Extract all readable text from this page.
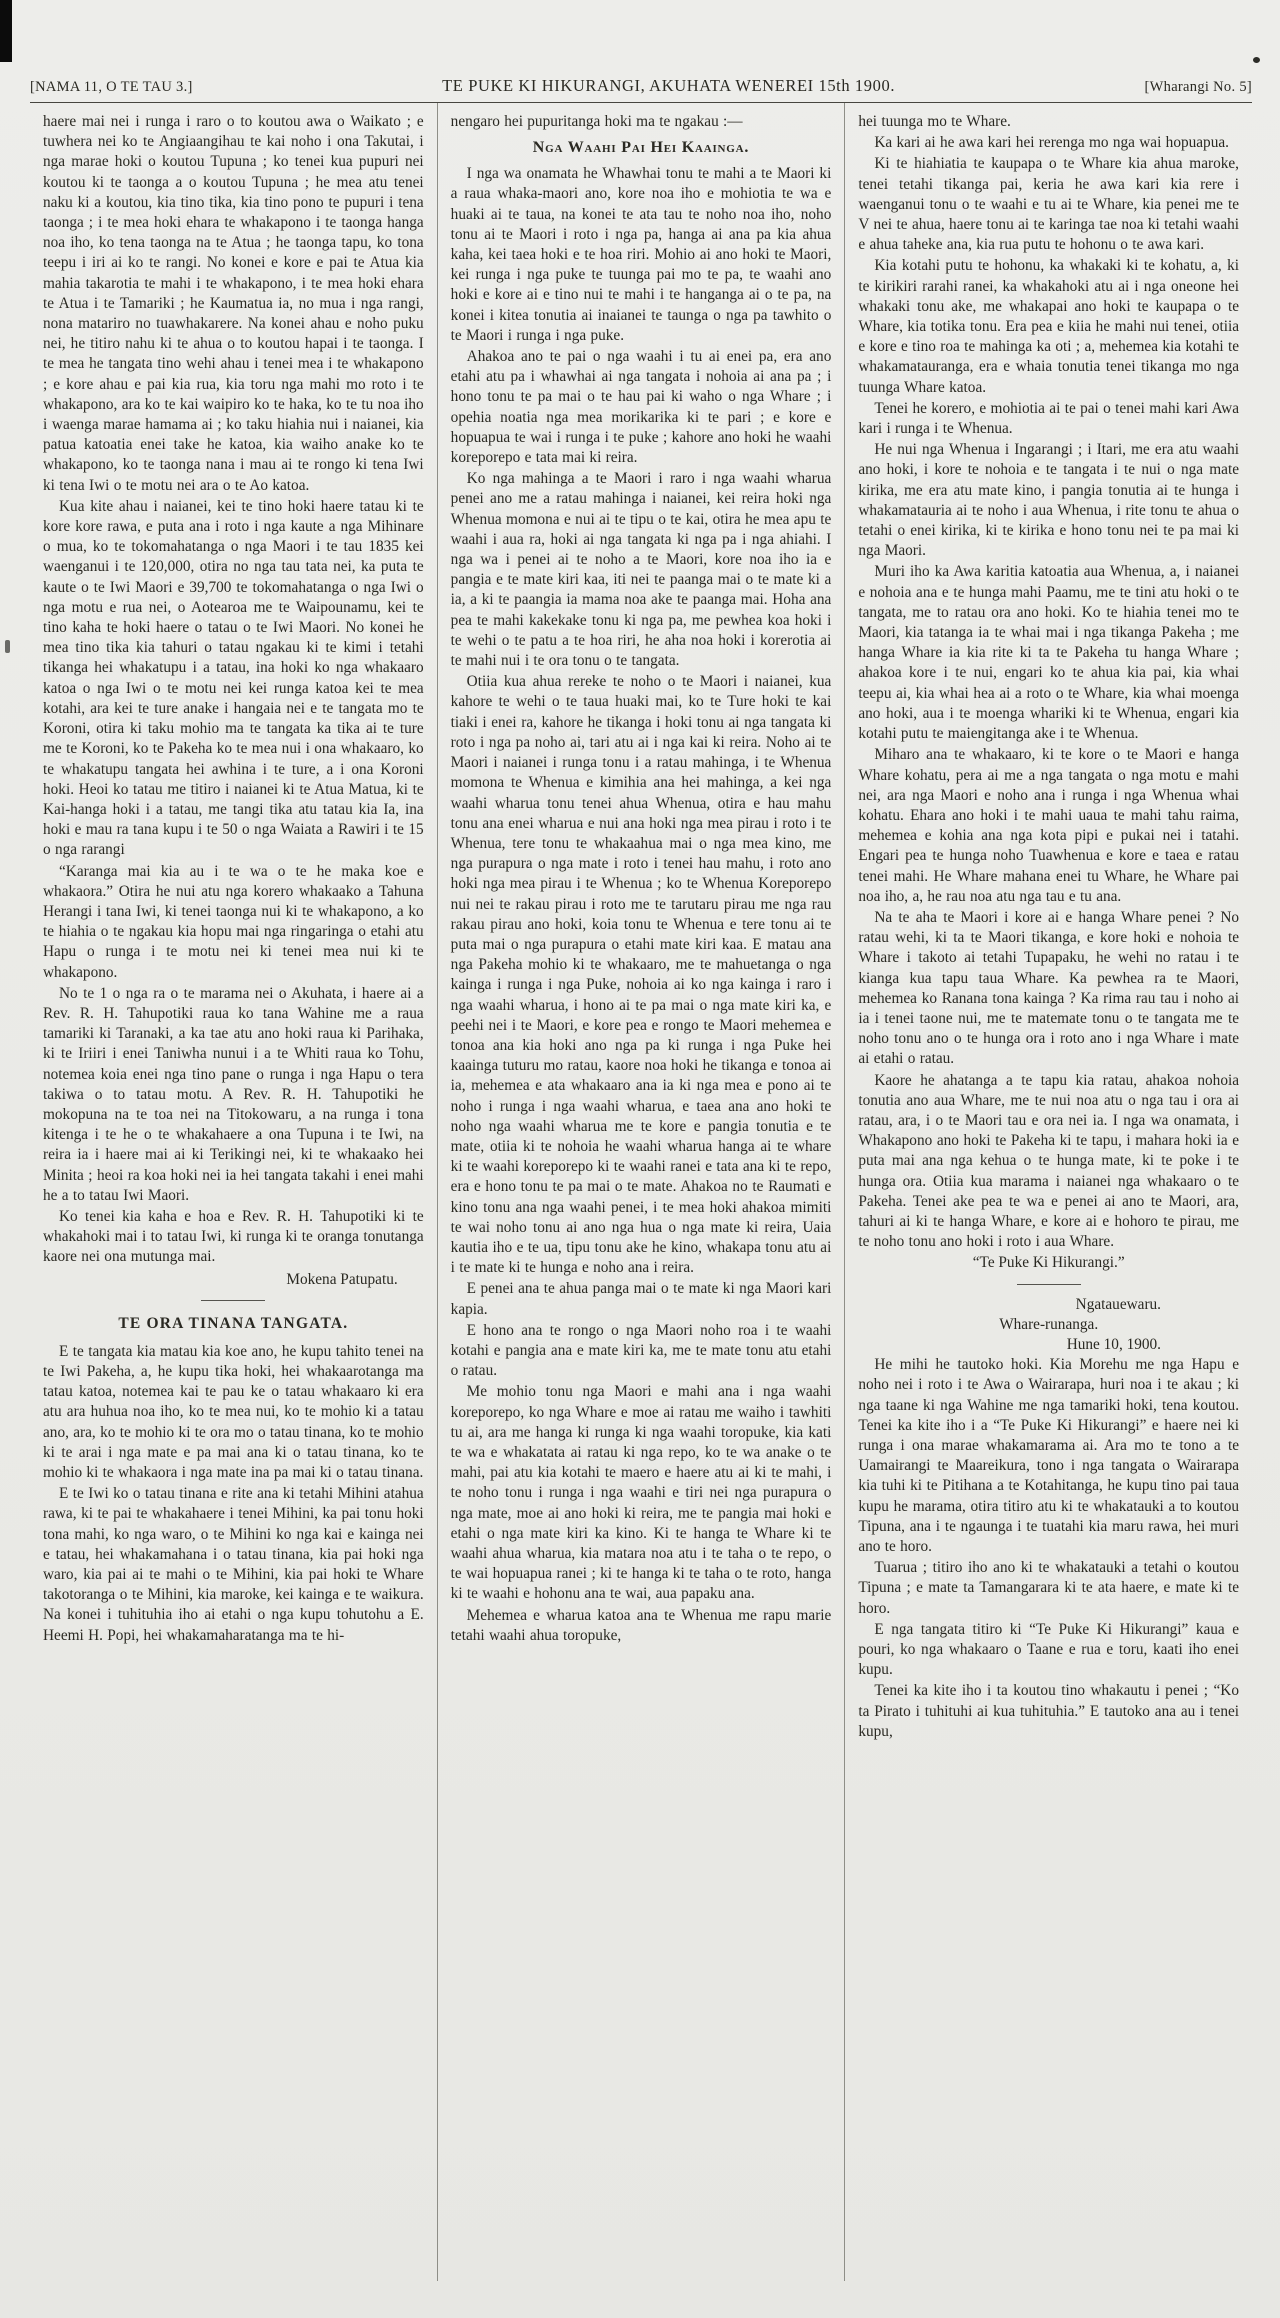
[NAMA 11, O TE TAU 3.]	TE PUKE KI HIKURANGI, AKUHATA WENEREI 15th 1900.	[Wharangi No. 5]

haere mai nei i runga i raro o to koutou awa o Waikato ; e tuwhera nei ko te Angiaangihau te kai noho i ona Takutai, i nga marae hoki o koutou Tupuna ; ko tenei kua pupuri nei koutou ki te taonga a o koutou Tupuna ; he mea atu tenei naku ki a koutou, kia tino tika, kia tino pono te pupuri i tena taonga ; i te mea hoki ehara te whakapono i te taonga hanga noa iho, ko tena taonga na te Atua ; he taonga tapu, ko tona teepu i iri ai ko te rangi. No konei e kore e pai te Atua kia mahia takarotia te mahi i te whakapono, i te mea hoki ehara te Atua i te Tamariki ; he Kaumatua ia, no mua i nga rangi, nona matariro no tuawhakarere. Na konei ahau e noho puku nei, he titiro nahu ki te ahua o to koutou hapai i te taonga. I te mea he tangata tino wehi ahau i tenei mea i te whakapono ; e kore ahau e pai kia rua, kia toru nga mahi mo roto i te whakapono, ara ko te kai waipiro ko te haka, ko te tu noa iho i waenga marae hamama ai ; ko taku hiahia nui i naianei, kia patua katoatia enei take he katoa, kia waiho anake ko te whakapono, ko te taonga nana i mau ai te rongo ki tena Iwi ki tena Iwi o te motu nei ara o te Ao katoa.

Kua kite ahau i naianei, kei te tino hoki haere tatau ki te kore kore rawa, e puta ana i roto i nga kaute a nga Mihinare o mua, ko te tokomahatanga o nga Maori i te tau 1835 kei waenganui i te 120,000, otira no nga tau tata nei, ka puta te kaute o te Iwi Maori e 39,700 te tokomahatanga o nga Iwi o nga motu e rua nei, o Aotearoa me te Waipounamu, kei te tino kaha te hoki haere o tatau o te Iwi Maori. No konei he mea tino tika kia tahuri o tatau ngakau ki te kimi i tetahi tikanga hei whakatupu i a tatau, ina hoki ko nga whakaaro katoa o nga Iwi o te motu nei kei runga katoa kei te mea kotahi, ara kei te ture anake i hangaia nei e te tangata mo te Koroni, otira ki taku mohio ma te tangata ka tika ai te ture me te Koroni, ko te Pakeha ko te mea nui i ona whakaaro, ko te whakatupu tangata hei awhina i te ture, a i ona Koroni hoki. Heoi ko tatau me titiro i naianei ki te Atua Matua, ki te Kai-hanga hoki i a tatau, me tangi tika atu tatau kia Ia, ina hoki e mau ra tana kupu i te 50 o nga Waiata a Rawiri i te 15 o nga rarangi

“Karanga mai kia au i te wa o te he maka koe e whakaora.” Otira he nui atu nga korero whakaako a Tahuna Herangi i tana Iwi, ki tenei taonga nui ki te whakapono, a ko te hiahia o te ngakau kia hopu mai nga ringaringa o etahi atu Hapu o runga i te motu nei ki tenei mea nui ki te whakapono.

No te 1 o nga ra o te marama nei o Akuhata, i haere ai a Rev. R. H. Tahupotiki raua ko tana Wahine me a raua tamariki ki Taranaki, a ka tae atu ano hoki raua ki Parihaka, ki te Iriiri i enei Taniwha nunui i a te Whiti raua ko Tohu, notemea koia enei nga tino pane o runga i nga Hapu o tera takiwa o to tatau motu. A Rev. R. H. Tahupotiki he mokopuna na te toa nei na Titokowaru, a na runga i tona kitenga i te he o te whakahaere a ona Tupuna i te Iwi, na reira ia i haere mai ai ki Terikingi nei, ki te whakaako hei Minita ; heoi ra koa hoki nei ia hei tangata takahi i enei mahi he a to tatau Iwi Maori.

Ko tenei kia kaha e hoa e Rev. R. H. Tahupotiki ki te whakahoki mai i to tatau Iwi, ki runga ki te oranga tonutanga kaore nei ona mutunga mai.

Mokena Patupatu.

TE ORA TINANA TANGATA.

E te tangata kia matau kia koe ano, he kupu tahito tenei na te Iwi Pakeha, a, he kupu tika hoki, hei whakaarotanga ma tatau katoa, notemea kai te pau ke o tatau whakaaro ki era atu ara huhua noa iho, ko te mea nui, ko te mohio ki a tatau ano, ara, ko te mohio ki te ora mo o tatau tinana, ko te mohio ki te arai i nga mate e pa mai ana ki o tatau tinana, ko te mohio ki te whakaora i nga mate ina pa mai ki o tatau tinana.

E te Iwi ko o tatau tinana e rite ana ki tetahi Mihini atahua rawa, ki te pai te whakahaere i tenei Mihini, ka pai tonu hoki tona mahi, ko nga waro, o te Mihini ko nga kai e kainga nei e tatau, hei whakamahana i o tatau tinana, kia pai hoki nga waro, kia pai ai te mahi o te Mihini, kia pai hoki te Whare takotoranga o te Mihini, kia maroke, kei kainga e te waikura. Na konei i tuhituhia iho ai etahi o nga kupu tohutohu a E. Heemi H. Popi, hei whakamaharatanga ma te hi-

nengaro hei pupuritanga hoki ma te ngakau :—

Nga Waahi Pai Hei Kaainga.

I nga wa onamata he Whawhai tonu te mahi a te Maori ki a raua whaka-maori ano, kore noa iho e mohiotia te wa e huaki ai te taua, na konei te ata tau te noho noa iho, noho tonu ai te Maori i roto i nga pa, hanga ai ana pa kia ahua kaha, kei taea hoki e te hoa riri. Mohio ai ano hoki te Maori, kei runga i nga puke te tuunga pai mo te pa, te waahi ano hoki e kore ai e tino nui te mahi i te hanganga ai o te pa, na konei i kitea tonutia ai inaianei te taunga o nga pa tawhito o te Maori i runga i nga puke.

Ahakoa ano te pai o nga waahi i tu ai enei pa, era ano etahi atu pa i whawhai ai nga tangata i nohoia ai ana pa ; i hono tonu te pa mai o te hau pai ki waho o nga Whare ; i opehia noatia nga mea morikarika ki te pari ; e kore e hopuapua te wai i runga i te puke ; kahore ano hoki he waahi koreporepo e tata mai ki reira.

Ko nga mahinga a te Maori i raro i nga waahi wharua penei ano me a ratau mahinga i naianei, kei reira hoki nga Whenua momona e nui ai te tipu o te kai, otira he mea apu te waahi i aua ra, hoki ai nga tangata ki nga pa i nga ahiahi. I nga wa i penei ai te noho a te Maori, kore noa iho ia e pangia e te mate kiri kaa, iti nei te paanga mai o te mate ki a ia, a ki te paangia ia mama noa ake te paanga mai. Hoha ana pea te mahi kakekake tonu ki nga pa, me pewhea koa hoki i te wehi o te patu a te hoa riri, he aha noa hoki i korerotia ai te mahi nui i te ora tonu o te tangata.

Otiia kua ahua rereke te noho o te Maori i naianei, kua kahore te wehi o te taua huaki mai, ko te Ture hoki te kai tiaki i enei ra, kahore he tikanga i hoki tonu ai nga tangata ki roto i nga pa noho ai, tari atu ai i nga kai ki reira. Noho ai te Maori i naianei i runga tonu i a ratau mahinga, i te Whenua momona te Whenua e kimihia ana hei mahinga, a kei nga waahi wharua tonu tenei ahua Whenua, otira e hau mahu tonu ana enei wharua e nui ana hoki nga mea pirau i roto i te Whenua, tere tonu te whakaahua mai o nga mea kino, me nga purapura o nga mate i roto i tenei hau mahu, i roto ano hoki nga mea pirau i te Whenua ; ko te Whenua Koreporepo nui nei te rakau pirau i roto me te tarutaru pirau me nga rau rakau pirau ano hoki, koia tonu te Whenua e tere tonu ai te puta mai o nga purapura o etahi mate kiri kaa. E matau ana nga Pakeha mohio ki te whakaaro, me te mahuetanga o nga kainga i runga i nga Puke, nohoia ai ko nga kainga i raro i nga waahi wharua, i hono ai te pa mai o nga mate kiri ka, e peehi nei i te Maori, e kore pea e rongo te Maori mehemea e tonoa ana kia hoki ano nga pa ki runga i nga Puke hei kaainga tuturu mo ratau, kaore noa hoki he tikanga e tonoa ai ia, mehemea e ata whakaaro ana ia ki nga mea e pono ai te noho i runga i nga waahi wharua, e taea ana ano hoki te noho nga waahi wharua me te kore e pangia tonutia e te mate, otiia ki te nohoia he waahi wharua hanga ai te whare ki te waahi koreporepo ki te waahi ranei e tata ana ki te repo, era e hono tonu te pa mai o te mate. Ahakoa no te Raumati e kino tonu ana nga waahi penei, i te mea hoki ahakoa mimiti te wai noho tonu ai ano nga hua o nga mate ki reira, Uaia kautia iho e te ua, tipu tonu ake he kino, whakapa tonu atu ai i te mate ki te hunga e noho ana i reira.

E penei ana te ahua panga mai o te mate ki nga Maori kari kapia.

E hono ana te rongo o nga Maori noho roa i te waahi kotahi e pangia ana e mate kiri ka, me te mate tonu atu etahi o ratau.

Me mohio tonu nga Maori e mahi ana i nga waahi koreporepo, ko nga Whare e moe ai ratau me waiho i tawhiti tu ai, ara me hanga ki runga ki nga waahi toropuke, kia kati te wa e whakatata ai ratau ki nga repo, ko te wa anake o te mahi, pai atu kia kotahi te maero e haere atu ai ki te mahi, i te noho tonu i runga i nga waahi e tiri nei nga purapura o nga mate, moe ai ano hoki ki reira, me te pangia mai hoki e etahi o nga mate kiri ka kino. Ki te hanga te Whare ki te waahi ahua wharua, kia matara noa atu i te taha o te repo, o te wai hopuapua ranei ; ki te hanga ki te taha o te roto, hanga ki te waahi e hohonu ana te wai, aua papaku ana.

Mehemea e wharua katoa ana te Whenua me rapu marie tetahi waahi ahua toropuke,

hei tuunga mo te Whare.

Ka kari ai he awa kari hei rerenga mo nga wai hopuapua.

Ki te hiahiatia te kaupapa o te Whare kia ahua maroke, tenei tetahi tikanga pai, keria he awa kari kia rere i waenganui tonu o te waahi e tu ai te Whare, kia penei me te V nei te ahua, haere tonu ai te karinga tae noa ki tetahi waahi e ahua taheke ana, kia rua putu te hohonu o te awa kari.

Kia kotahi putu te hohonu, ka whakaki ki te kohatu, a, ki te kirikiri rarahi ranei, ka whakahoki atu ai i nga oneone hei whakaki tonu ake, me whakapai ano hoki te kaupapa o te Whare, kia totika tonu. Era pea e kiia he mahi nui tenei, otiia e kore e tino roa te mahinga ka oti ; a, mehemea kia kotahi te whakamatauranga, era e whaia tonutia tenei tikanga mo nga tuunga Whare katoa.

Tenei he korero, e mohiotia ai te pai o tenei mahi kari Awa kari i runga i te Whenua.

He nui nga Whenua i Ingarangi ; i Itari, me era atu waahi ano hoki, i kore te nohoia e te tangata i te nui o nga mate kirika, me era atu mate kino, i pangia tonutia ai te hunga i whakamatauria ai te noho i aua Whenua, i rite tonu te ahua o tetahi o enei kirika, ki te kirika e hono tonu nei te pa mai ki nga Maori.

Muri iho ka Awa karitia katoatia aua Whenua, a, i naianei e nohoia ana e te hunga mahi Paamu, me te tini atu hoki o te tangata, me to ratau ora ano hoki. Ko te hiahia tenei mo te Maori, kia tatanga ia te whai mai i nga tikanga Pakeha ; me hanga Whare ia kia rite ki ta te Pakeha tu hanga Whare ; ahakoa kore i te nui, engari ko te ahua kia pai, kia whai teepu ai, kia whai hea ai a roto o te Whare, kia whai moenga ano hoki, aua i te moenga whariki ki te Whenua, engari kia kotahi putu te maiengitanga ake i te Whenua.

Miharo ana te whakaaro, ki te kore o te Maori e hanga Whare kohatu, pera ai me a nga tangata o nga motu e mahi nei, ara nga Maori e noho ana i runga i nga Whenua whai kohatu. Ehara ano hoki i te mahi uaua te mahi tahu raima, mehemea e kohia ana nga kota pipi e pukai nei i tatahi. Engari pea te hunga noho Tuawhenua e kore e taea e ratau tenei mahi. He Whare mahana enei tu Whare, he Whare pai noa iho, a, he rau noa atu nga tau e tu ana.

Na te aha te Maori i kore ai e hanga Whare penei ? No ratau wehi, ki ta te Maori tikanga, e kore hoki e nohoia te Whare i takoto ai tetahi Tupapaku, he wehi no ratau i te kianga kua tapu taua Whare. Ka pewhea ra te Maori, mehemea ko Ranana tona kainga ? Ka rima rau tau i noho ai ia i tenei taone nui, me te matemate tonu o te tangata me te noho tonu ano o te hunga ora i roto ano i nga Whare i mate ai etahi o ratau.

Kaore he ahatanga a te tapu kia ratau, ahakoa nohoia tonutia ano aua Whare, me te nui noa atu o nga tau i ora ai ratau, ara, i o te Maori tau e ora nei ia. I nga wa onamata, i Whakapono ano hoki te Pakeha ki te tapu, i mahara hoki ia e puta mai ana nga kehua o te hunga mate, ki te poke i te hunga ora. Otiia kua marama i naianei nga whakaaro o te Pakeha. Tenei ake pea te wa e penei ai ano te Maori, ara, tahuri ai ki te hanga Whare, e kore ai e hohoro te pirau, me te noho tonu ano hoki i roto i aua Whare.

“Te Puke Ki Hikurangi.”

Ngatauewaru.

Whare-runanga.

Hune 10, 1900.

He mihi he tautoko hoki. Kia Morehu me nga Hapu e noho nei i roto i te Awa o Wairarapa, huri noa i te akau ; ki nga taane ki nga Wahine me nga tamariki hoki, tena koutou. Tenei ka kite iho i a “Te Puke Ki Hikurangi” e haere nei ki runga i ona marae whakamarama ai. Ara mo te tono a te Uamairangi te Maareikura, tono i nga tangata o Wairarapa kia tuhi ki te Pitihana a te Kotahitanga, he kupu tino pai taua kupu he marama, otira titiro atu ki te whakatauki a to koutou Tipuna, ana i te ngaunga i te tuatahi kia maru rawa, hei muri ano te horo.

Tuarua ; titiro iho ano ki te whakatauki a tetahi o koutou Tipuna ; e mate ta Tamangarara ki te ata haere, e mate ki te horo.

E nga tangata titiro ki “Te Puke Ki Hikurangi” kaua e pouri, ko nga whakaaro o Taane e rua e toru, kaati iho enei kupu.

Tenei ka kite iho i ta koutou tino whakautu i penei ; “Ko ta Pirato i tuhituhi ai kua tuhituhia.” E tautoko ana au i tenei kupu,
